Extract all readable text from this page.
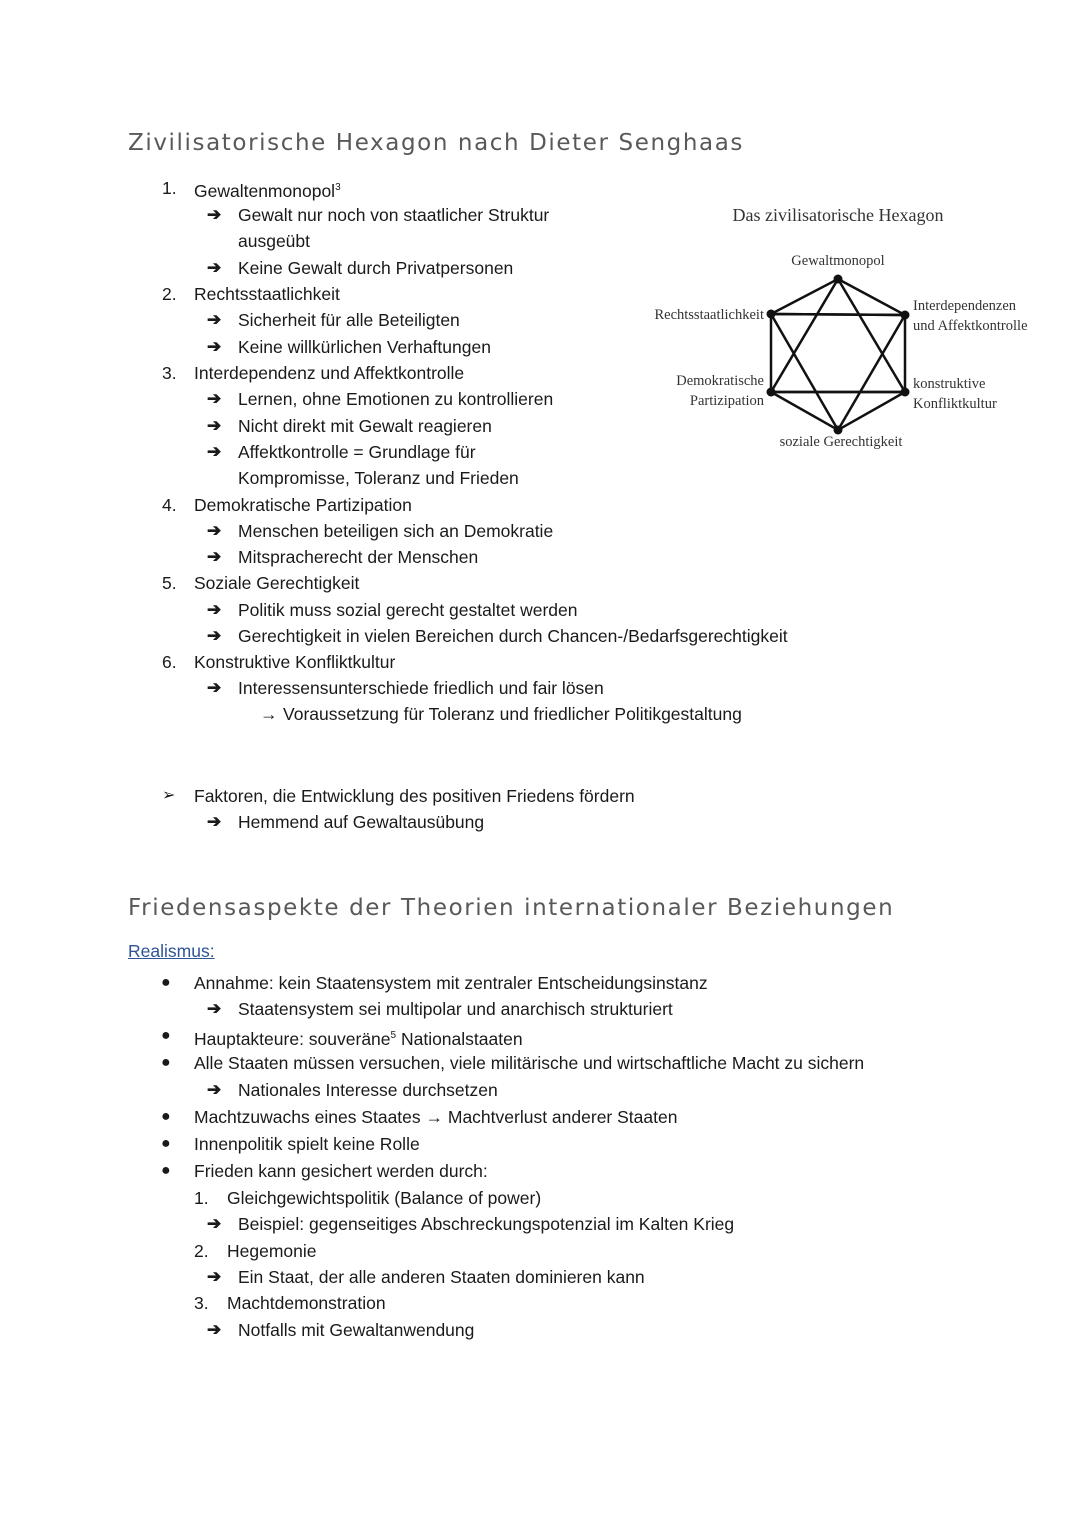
Zivilisatorische Hexagon nach Dieter Senghaas
1. Gewaltenmonopol$^3$
➔ Gewalt nur noch von staatlicher Struktur
ausgeübt
➔ Keine Gewalt durch Privatpersonen
2. Rechtsstaatlichkeit
➔ Sicherheit für alle Beteiligten
➔ Keine willkürlichen Verhaftungen
3. Interdependenz und Affektkontrolle
➔ Lernen, ohne Emotionen zu kontrollieren
➔ Nicht direkt mit Gewalt reagieren
➔ Affektkontrolle = Grundlage für
Kompromisse, Toleranz und Frieden
4. Demokratische Partizipation
➔ Menschen beteiligen sich an Demokratie
➔ Mitspracherecht der Menschen
5. Soziale Gerechtigkeit
➔ Politik muss sozial gerecht gestaltet werden
➔ Gerechtigkeit in vielen Bereichen durch Chancen-/Bedarfsgerechtigkeit
6. Konstruktive Konfliktkultur
➔ Interessensunterschiede friedlich und fair lösen
→ Voraussetzung für Toleranz und friedlicher Politikgestaltung
➢ Faktoren, die Entwicklung des positiven Friedens fördern
➔ Hemmend auf Gewaltausübung
Das zivilisatorische Hexagon
Gewaltmonopol
Rechtsstaatlichkeit
Interdependenzen
und Affektkontrolle
Demokratische
Partizipation
konstruktive
Konfliktkultur
soziale Gerechtigkeit
Friedensaspekte der Theorien internationaler Beziehungen
Realismus:
● Annahme: kein Staatensystem mit zentraler Entscheidungsinstanz
➔ Staatensystem sei multipolar und anarchisch strukturiert
● Hauptakteure: souveräne$^5$ Nationalstaaten
● Alle Staaten müssen versuchen, viele militärische und wirtschaftliche Macht zu sichern
➔ Nationales Interesse durchsetzen
● Machtzuwachs eines Staates → Machtverlust anderer Staaten
● Innenpolitik spielt keine Rolle
● Frieden kann gesichert werden durch:
1. Gleichgewichtspolitik (Balance of power)
➔ Beispiel: gegenseitiges Abschreckungspotenzial im Kalten Krieg
2. Hegemonie
➔ Ein Staat, der alle anderen Staaten dominieren kann
3. Machtdemonstration
➔ Notfalls mit Gewaltanwendung
